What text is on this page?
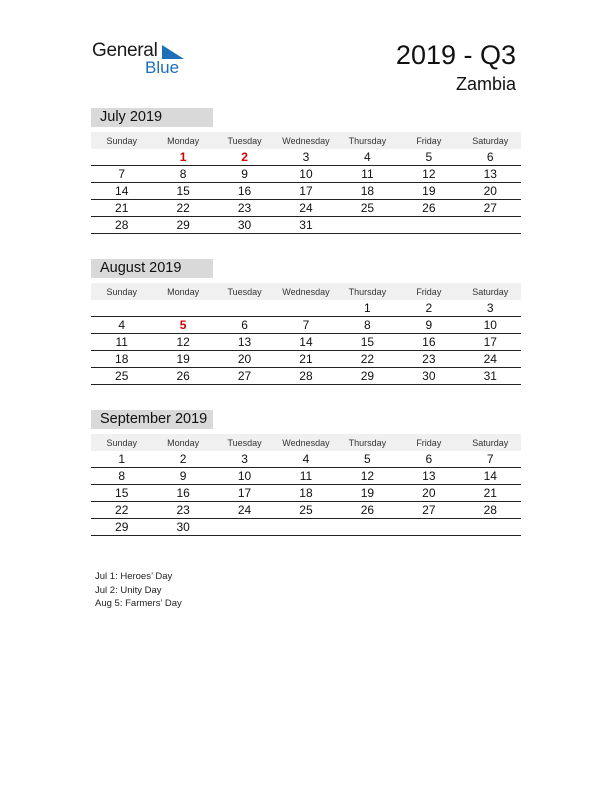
General
Blue	2019 - Q3
Zambia
July 2019
Sunday	Monday	Tuesday	Wednesday	Thursday	Friday	Saturday
	1	2	3	4	5	6
7	8	9	10	11	12	13
14	15	16	17	18	19	20
21	22	23	24	25	26	27
28	29	30	31			
August 2019
Sunday	Monday	Tuesday	Wednesday	Thursday	Friday	Saturday
				1	2	3
4	5	6	7	8	9	10
11	12	13	14	15	16	17
18	19	20	21	22	23	24
25	26	27	28	29	30	31
September 2019
Sunday	Monday	Tuesday	Wednesday	Thursday	Friday	Saturday
1	2	3	4	5	6	7
8	9	10	11	12	13	14
15	16	17	18	19	20	21
22	23	24	25	26	27	28
29	30					
Jul 1: Heroes’ Day
Jul 2: Unity Day
Aug 5: Farmers’ Day
